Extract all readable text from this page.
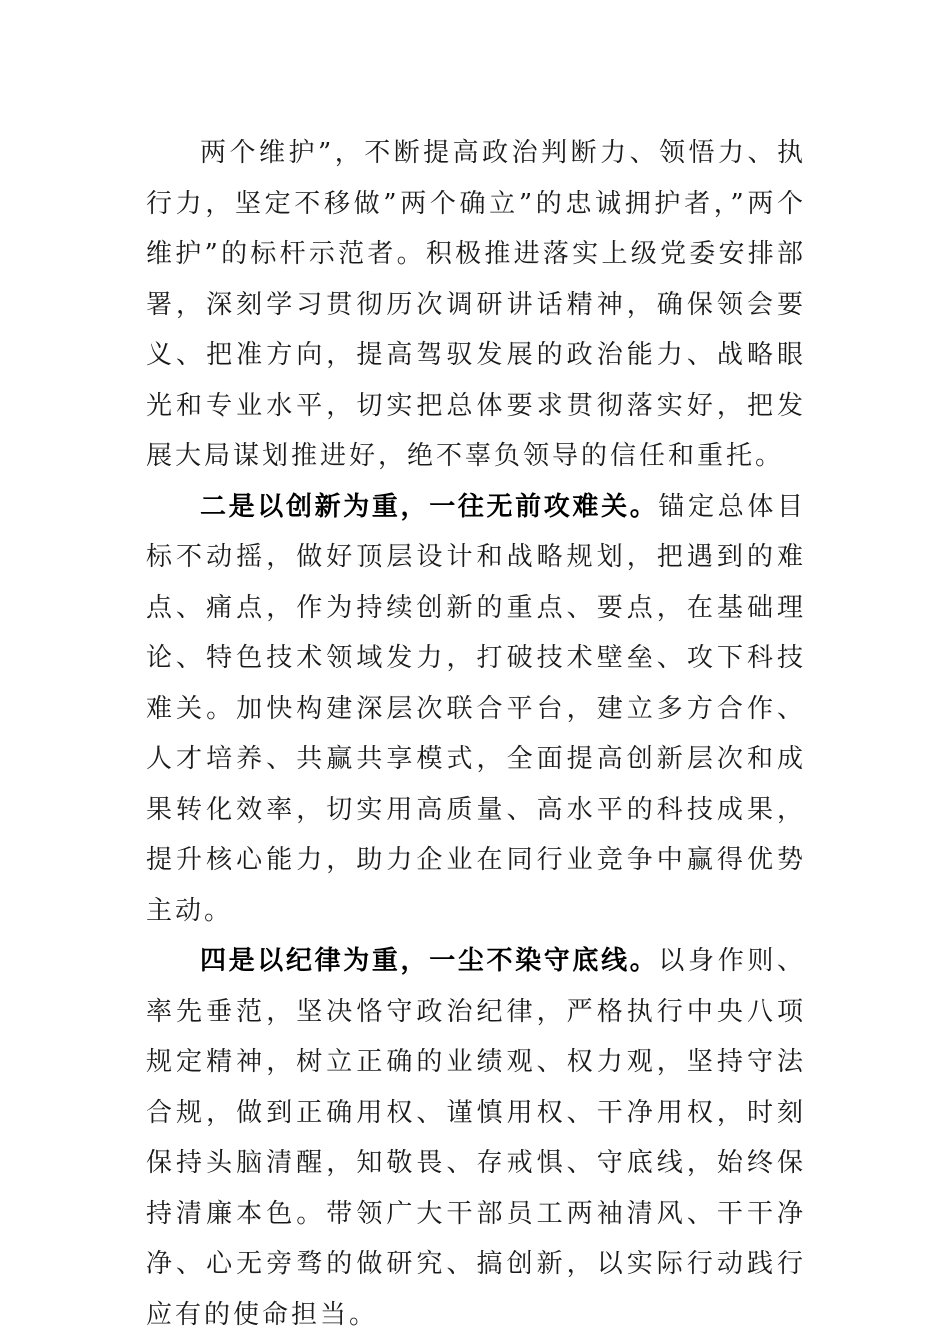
两个维护”，不断提高政治判断力、领悟力、执行力，坚定不移做”两个确立”的忠诚拥护者，”两个维护”的标杆示范者。积极推进落实上级党委安排部署，深刻学习贯彻历次调研讲话精神，确保领会要义、把准方向，提高驾驭发展的政治能力、战略眼光和专业水平，切实把总体要求贯彻落实好，把发展大局谋划推进好，绝不辜负领导的信任和重托。

二是以创新为重，一往无前攻难关。锚定总体目标不动摇，做好顶层设计和战略规划，把遇到的难点、痛点，作为持续创新的重点、要点，在基础理论、特色技术领域发力，打破技术壁垒、攻下科技难关。加快构建深层次联合平台，建立多方合作、人才培养、共赢共享模式，全面提高创新层次和成果转化效率，切实用高质量、高水平的科技成果，提升核心能力，助力企业在同行业竞争中赢得优势主动。

四是以纪律为重，一尘不染守底线。以身作则、率先垂范，坚决恪守政治纪律，严格执行中央八项规定精神，树立正确的业绩观、权力观，坚持守法合规，做到正确用权、谨慎用权、干净用权，时刻保持头脑清醒，知敬畏、存戒惧、守底线，始终保持清廉本色。带领广大干部员工两袖清风、干干净净、心无旁骛的做研究、搞创新，以实际行动践行应有的使命担当。
